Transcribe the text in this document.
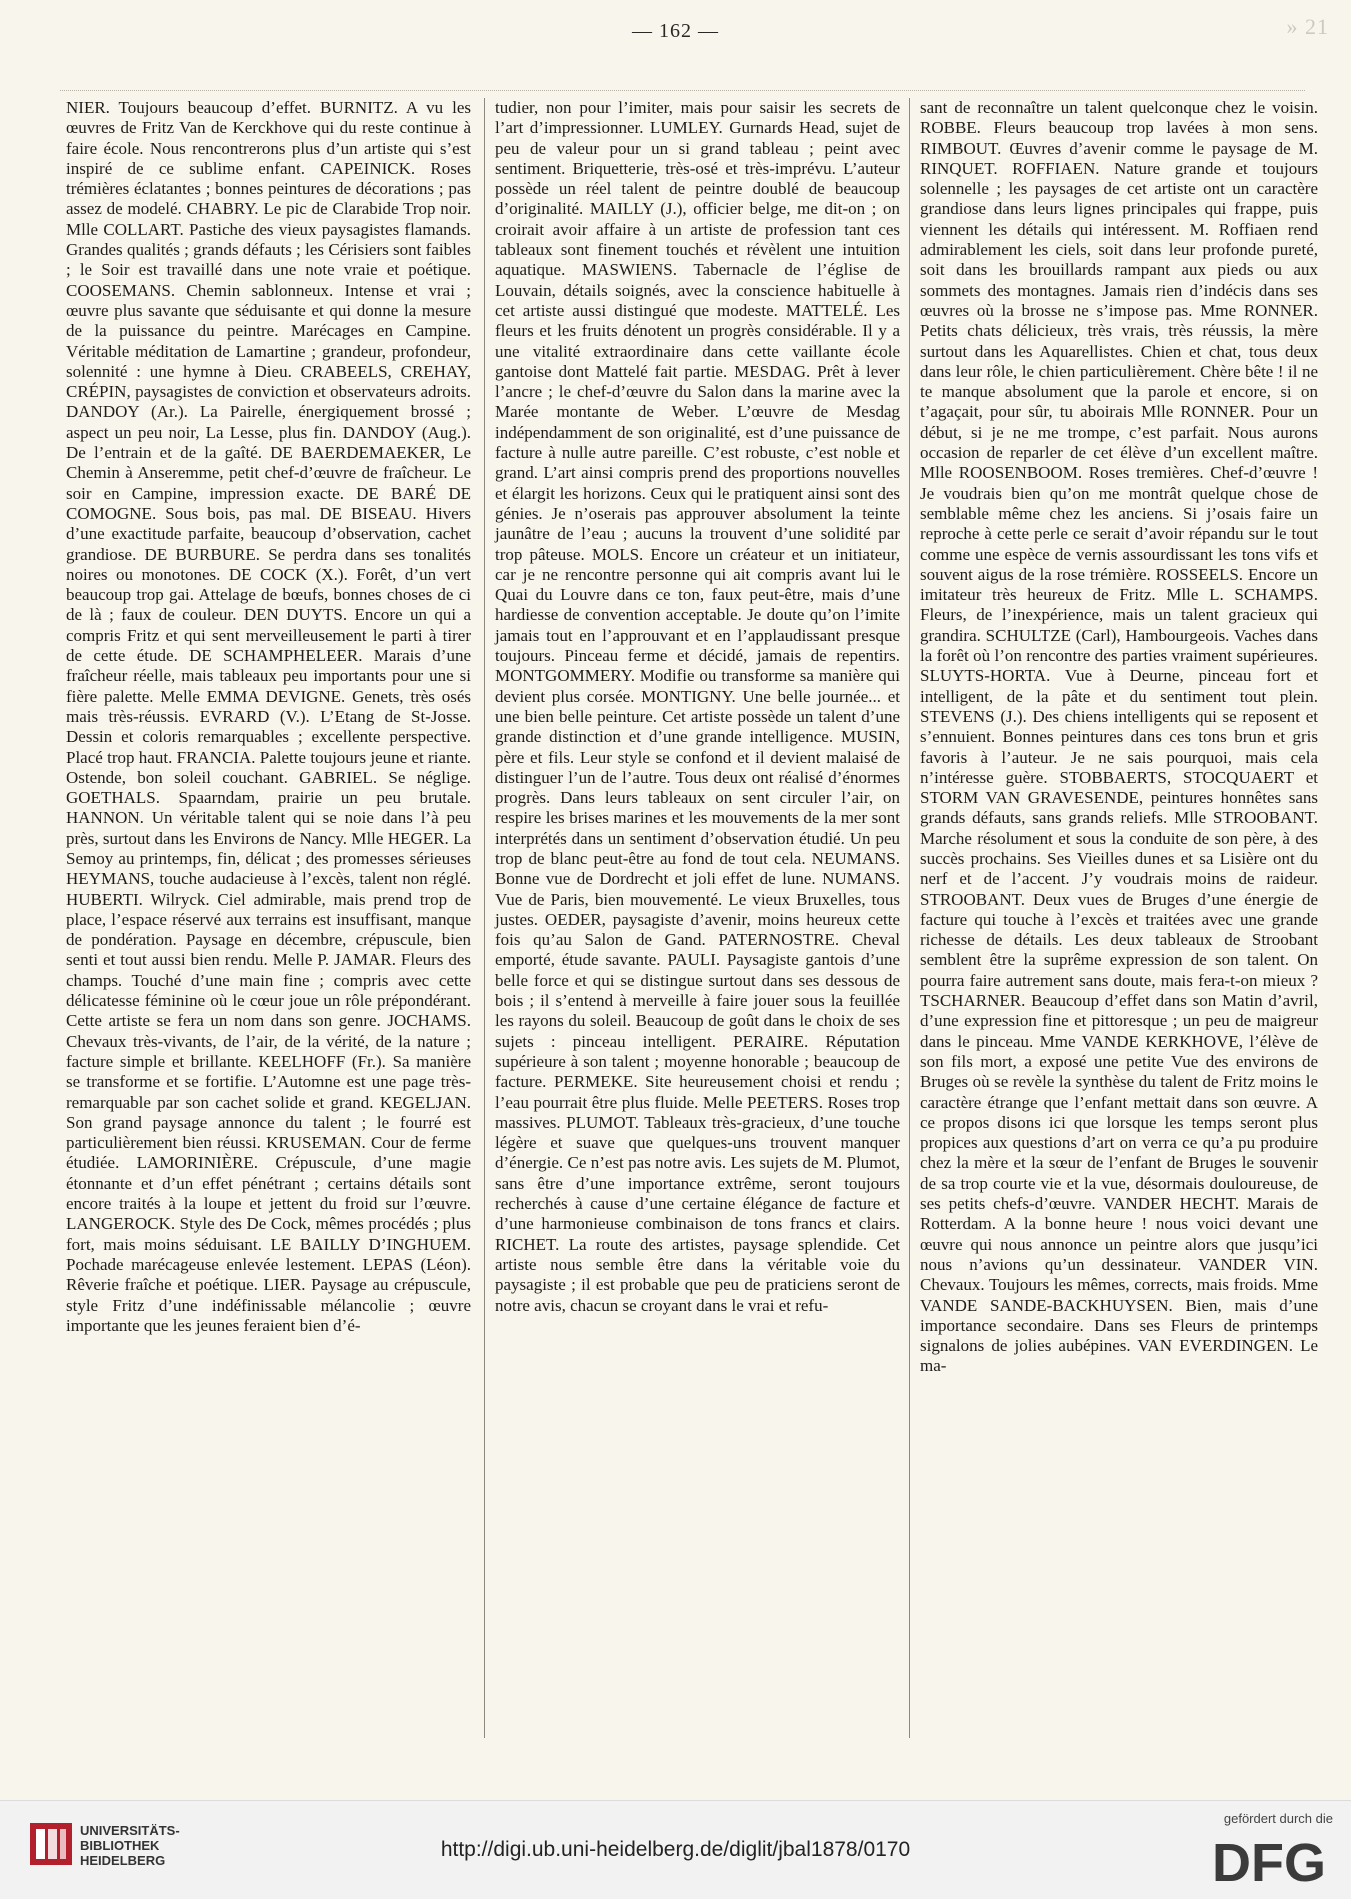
» 21
— 162 —

NIER. Toujours beaucoup d’effet. BURNITZ. A vu les œuvres de Fritz Van de Kerckhove qui du reste continue à faire école. Nous rencontrerons plus d’un artiste qui s’est inspiré de ce sublime enfant. CAPEINICK. Roses trémières éclatantes ; bonnes peintures de décorations ; pas assez de modelé. CHABRY. Le pic de Clarabide Trop noir. Mlle COLLART. Pastiche des vieux paysagistes flamands. Grandes qualités ; grands défauts ; les Cérisiers sont faibles ; le Soir est travaillé dans une note vraie et poétique. COOSEMANS. Chemin sablonneux. Intense et vrai ; œuvre plus savante que séduisante et qui donne la mesure de la puissance du peintre. Marécages en Campine. Véritable méditation de Lamartine ; grandeur, profondeur, solennité : une hymne à Dieu. CRABEELS, CREHAY, CRÉPIN, paysagistes de conviction et observateurs adroits. DANDOY (Ar.). La Pairelle, énergiquement brossé ; aspect un peu noir, La Lesse, plus fin. DANDOY (Aug.). De l’entrain et de la gaîté. DE BAERDEMAEKER, Le Chemin à Anseremme, petit chef-d’œuvre de fraîcheur. Le soir en Campine, impression exacte. DE BARÉ DE COMOGNE. Sous bois, pas mal. DE BISEAU. Hivers d’une exactitude parfaite, beaucoup d’observation, cachet grandiose. DE BURBURE. Se perdra dans ses tonalités noires ou monotones. DE COCK (X.). Forêt, d’un vert beaucoup trop gai. Attelage de bœufs, bonnes choses de ci de là ; faux de couleur. DEN DUYTS. Encore un qui a compris Fritz et qui sent merveilleusement le parti à tirer de cette étude. DE SCHAMPHELEER. Marais d’une fraîcheur réelle, mais tableaux peu importants pour une si fière palette. Melle EMMA DEVIGNE. Genets, très osés mais très-réussis. EVRARD (V.). L’Etang de St-Josse. Dessin et coloris remarquables ; excellente perspective. Placé trop haut. FRANCIA. Palette toujours jeune et riante. Ostende, bon soleil couchant. GABRIEL. Se néglige. GOETHALS. Spaarndam, prairie un peu brutale. HANNON. Un véritable talent qui se noie dans l’à peu près, surtout dans les Environs de Nancy. Mlle HEGER. La Semoy au printemps, fin, délicat ; des promesses sérieuses HEYMANS, touche audacieuse à l’excès, talent non réglé. HUBERTI. Wilryck. Ciel admirable, mais prend trop de place, l’espace réservé aux terrains est insuffisant, manque de pondération. Paysage en décembre, crépuscule, bien senti et tout aussi bien rendu. Melle P. JAMAR. Fleurs des champs. Touché d’une main fine ; compris avec cette délicatesse féminine où le cœur joue un rôle prépondérant. Cette artiste se fera un nom dans son genre. JOCHAMS. Chevaux très-vivants, de l’air, de la vérité, de la nature ; facture simple et brillante. KEELHOFF (Fr.). Sa manière se transforme et se fortifie. L’Automne est une page très-remarquable par son cachet solide et grand. KEGELJAN. Son grand paysage annonce du talent ; le fourré est particulièrement bien réussi. KRUSEMAN. Cour de ferme étudiée. LAMORINIÈRE. Crépuscule, d’une magie étonnante et d’un effet pénétrant ; certains détails sont encore traités à la loupe et jettent du froid sur l’œuvre. LANGEROCK. Style des De Cock, mêmes procédés ; plus fort, mais moins séduisant. LE BAILLY D’INGHUEM. Pochade marécageuse enlevée lestement. LEPAS (Léon). Rêverie fraîche et poétique. LIER. Paysage au crépuscule, style Fritz d’une indéfinissable mélancolie ; œuvre importante que les jeunes feraient bien d’é-

tudier, non pour l’imiter, mais pour saisir les secrets de l’art d’impressionner. LUMLEY. Gurnards Head, sujet de peu de valeur pour un si grand tableau ; peint avec sentiment. Briquetterie, très-osé et très-imprévu. L’auteur possède un réel talent de peintre doublé de beaucoup d’originalité. MAILLY (J.), officier belge, me dit-on ; on croirait avoir affaire à un artiste de profession tant ces tableaux sont finement touchés et révèlent une intuition aquatique. MASWIENS. Tabernacle de l’église de Louvain, détails soignés, avec la conscience habituelle à cet artiste aussi distingué que modeste. MATTELÉ. Les fleurs et les fruits dénotent un progrès considérable. Il y a une vitalité extraordinaire dans cette vaillante école gantoise dont Mattelé fait partie. MESDAG. Prêt à lever l’ancre ; le chef-d’œuvre du Salon dans la marine avec la Marée montante de Weber. L’œuvre de Mesdag indépendamment de son originalité, est d’une puissance de facture à nulle autre pareille. C’est robuste, c’est noble et grand. L’art ainsi compris prend des proportions nouvelles et élargit les horizons. Ceux qui le pratiquent ainsi sont des génies. Je n’oserais pas approuver absolument la teinte jaunâtre de l’eau ; aucuns la trouvent d’une solidité par trop pâteuse. MOLS. Encore un créateur et un initiateur, car je ne rencontre personne qui ait compris avant lui le Quai du Louvre dans ce ton, faux peut-être, mais d’une hardiesse de convention acceptable. Je doute qu’on l’imite jamais tout en l’approuvant et en l’applaudissant presque toujours. Pinceau ferme et décidé, jamais de repentirs. MONTGOMMERY. Modifie ou transforme sa manière qui devient plus corsée. MONTIGNY. Une belle journée... et une bien belle peinture. Cet artiste possède un talent d’une grande distinction et d’une grande intelligence. MUSIN, père et fils. Leur style se confond et il devient malaisé de distinguer l’un de l’autre. Tous deux ont réalisé d’énormes progrès. Dans leurs tableaux on sent circuler l’air, on respire les brises marines et les mouvements de la mer sont interprétés dans un sentiment d’observation étudié. Un peu trop de blanc peut-être au fond de tout cela. NEUMANS. Bonne vue de Dordrecht et joli effet de lune. NUMANS. Vue de Paris, bien mouvementé. Le vieux Bruxelles, tous justes. OEDER, paysagiste d’avenir, moins heureux cette fois qu’au Salon de Gand. PATERNOSTRE. Cheval emporté, étude savante. PAULI. Paysagiste gantois d’une belle force et qui se distingue surtout dans ses dessous de bois ; il s’entend à merveille à faire jouer sous la feuillée les rayons du soleil. Beaucoup de goût dans le choix de ses sujets : pinceau intelligent. PERAIRE. Réputation supérieure à son talent ; moyenne honorable ; beaucoup de facture. PERMEKE. Site heureusement choisi et rendu ; l’eau pourrait être plus fluide. Melle PEETERS. Roses trop massives. PLUMOT. Tableaux très-gracieux, d’une touche légère et suave que quelques-uns trouvent manquer d’énergie. Ce n’est pas notre avis. Les sujets de M. Plumot, sans être d’une importance extrême, seront toujours recherchés à cause d’une certaine élégance de facture et d’une harmonieuse combinaison de tons francs et clairs. RICHET. La route des artistes, paysage splendide. Cet artiste nous semble être dans la véritable voie du paysagiste ; il est probable que peu de praticiens seront de notre avis, chacun se croyant dans le vrai et refu-

sant de reconnaître un talent quelconque chez le voisin. ROBBE. Fleurs beaucoup trop lavées à mon sens. RIMBOUT. Œuvres d’avenir comme le paysage de M. RINQUET. ROFFIAEN. Nature grande et toujours solennelle ; les paysages de cet artiste ont un caractère grandiose dans leurs lignes principales qui frappe, puis viennent les détails qui intéressent. M. Roffiaen rend admirablement les ciels, soit dans leur profonde pureté, soit dans les brouillards rampant aux pieds ou aux sommets des montagnes. Jamais rien d’indécis dans ses œuvres où la brosse ne s’impose pas. Mme RONNER. Petits chats délicieux, très vrais, très réussis, la mère surtout dans les Aquarellistes. Chien et chat, tous deux dans leur rôle, le chien particulièrement. Chère bête ! il ne te manque absolument que la parole et encore, si on t’agaçait, pour sûr, tu aboirais Mlle RONNER. Pour un début, si je ne me trompe, c’est parfait. Nous aurons occasion de reparler de cet élève d’un excellent maître. Mlle ROOSENBOOM. Roses tremières. Chef-d’œuvre ! Je voudrais bien qu’on me montrât quelque chose de semblable même chez les anciens. Si j’osais faire un reproche à cette perle ce serait d’avoir répandu sur le tout comme une espèce de vernis assourdissant les tons vifs et souvent aigus de la rose trémière. ROSSEELS. Encore un imitateur très heureux de Fritz. Mlle L. SCHAMPS. Fleurs, de l’inexpérience, mais un talent gracieux qui grandira. SCHULTZE (Carl), Hambourgeois. Vaches dans la forêt où l’on rencontre des parties vraiment supérieures. SLUYTS-HORTA. Vue à Deurne, pinceau fort et intelligent, de la pâte et du sentiment tout plein. STEVENS (J.). Des chiens intelligents qui se reposent et s’ennuient. Bonnes peintures dans ces tons brun et gris favoris à l’auteur. Je ne sais pourquoi, mais cela n’intéresse guère. STOBBAERTS, STOCQUAERT et STORM VAN GRAVESENDE, peintures honnêtes sans grands défauts, sans grands reliefs. Mlle STROOBANT. Marche résolument et sous la conduite de son père, à des succès prochains. Ses Vieilles dunes et sa Lisière ont du nerf et de l’accent. J’y voudrais moins de raideur. STROOBANT. Deux vues de Bruges d’une énergie de facture qui touche à l’excès et traitées avec une grande richesse de détails. Les deux tableaux de Stroobant semblent être la suprême expression de son talent. On pourra faire autrement sans doute, mais fera-t-on mieux ? TSCHARNER. Beaucoup d’effet dans son Matin d’avril, d’une expression fine et pittoresque ; un peu de maigreur dans le pinceau. Mme VANDE KERKHOVE, l’élève de son fils mort, a exposé une petite Vue des environs de Bruges où se revèle la synthèse du talent de Fritz moins le caractère étrange que l’enfant mettait dans son œuvre. A ce propos disons ici que lorsque les temps seront plus propices aux questions d’art on verra ce qu’a pu produire chez la mère et la sœur de l’enfant de Bruges le souvenir de sa trop courte vie et la vue, désormais douloureuse, de ses petits chefs-d’œuvre. VANDER HECHT. Marais de Rotterdam. A la bonne heure ! nous voici devant une œuvre qui nous annonce un peintre alors que jusqu’ici nous n’avions qu’un dessinateur. VANDER VIN. Chevaux. Toujours les mêmes, corrects, mais froids. Mme VANDE SANDE-BACKHUYSEN. Bien, mais d’une importance secondaire. Dans ses Fleurs de printemps signalons de jolies aubépines. VAN EVERDINGEN. Le ma-

UNIVERSITÄTS-
BIBLIOTHEK
HEIDELBERG	http://digi.ub.uni-heidelberg.de/diglit/jbal1878/0170
gefördert durch die
DFG
